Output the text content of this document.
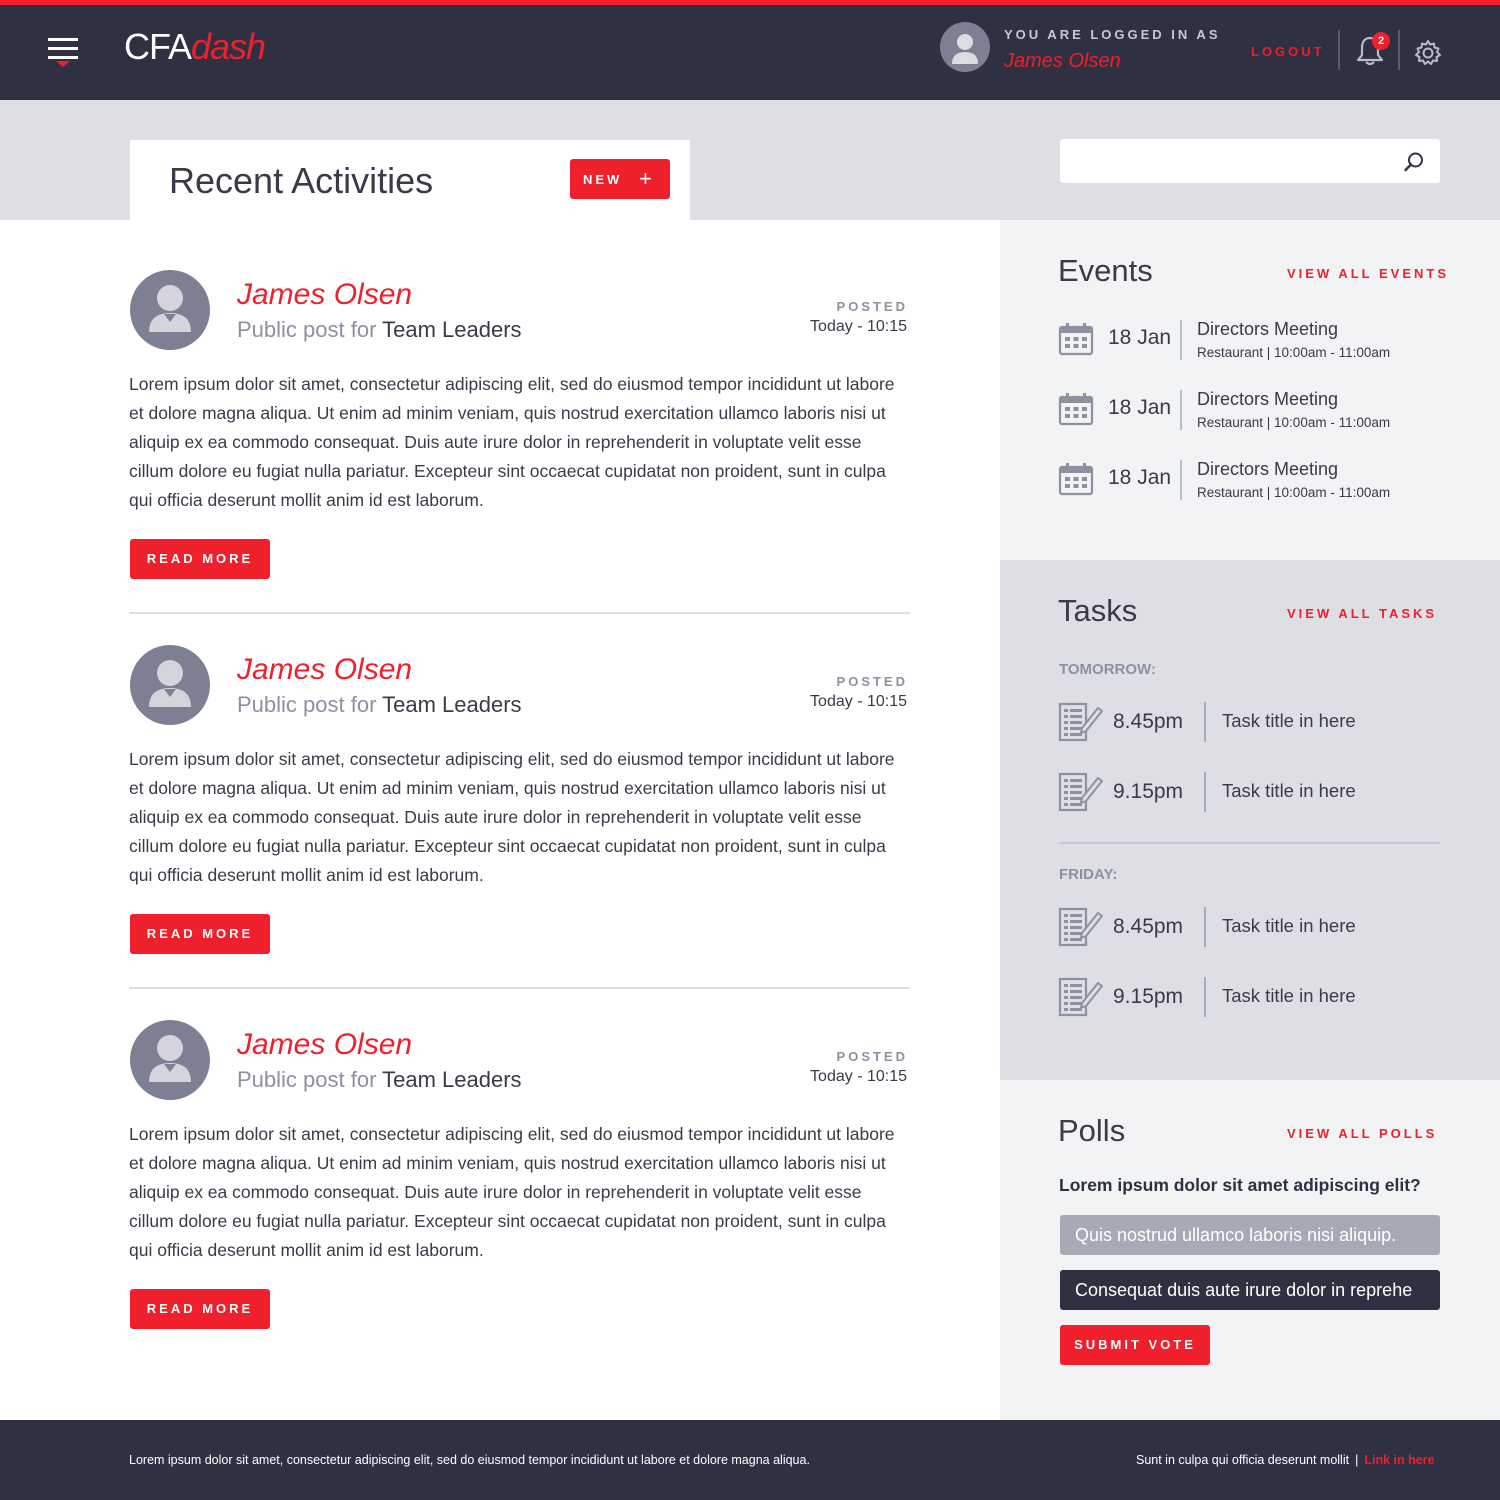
CFAdash	YOU ARE LOGGED IN AS
James Olsen	LOGOUT
2
Recent Activities	NEW +
James Olsen
Public post for Team Leaders
POSTED
Today - 10:15
Lorem ipsum dolor sit amet, consectetur adipiscing elit, sed do eiusmod tempor incididunt ut labore et dolore magna aliqua. Ut enim ad minim veniam, quis nostrud exercitation ullamco laboris nisi ut aliquip ex ea commodo consequat. Duis aute irure dolor in reprehenderit in voluptate velit esse cillum dolore eu fugiat nulla pariatur. Excepteur sint occaecat cupidatat non proident, sunt in culpa qui officia deserunt mollit anim id est laborum.
READ MORE
James Olsen
Public post for Team Leaders
POSTED
Today - 10:15
Lorem ipsum dolor sit amet, consectetur adipiscing elit, sed do eiusmod tempor incididunt ut labore et dolore magna aliqua. Ut enim ad minim veniam, quis nostrud exercitation ullamco laboris nisi ut aliquip ex ea commodo consequat. Duis aute irure dolor in reprehenderit in voluptate velit esse cillum dolore eu fugiat nulla pariatur. Excepteur sint occaecat cupidatat non proident, sunt in culpa qui officia deserunt mollit anim id est laborum.
READ MORE
James Olsen
Public post for Team Leaders
POSTED
Today - 10:15
Lorem ipsum dolor sit amet, consectetur adipiscing elit, sed do eiusmod tempor incididunt ut labore et dolore magna aliqua. Ut enim ad minim veniam, quis nostrud exercitation ullamco laboris nisi ut aliquip ex ea commodo consequat. Duis aute irure dolor in reprehenderit in voluptate velit esse cillum dolore eu fugiat nulla pariatur. Excepteur sint occaecat cupidatat non proident, sunt in culpa qui officia deserunt mollit anim id est laborum.
READ MORE
Events	VIEW ALL EVENTS
18 Jan Directors Meeting
Restaurant | 10:00am - 11:00am
18 Jan Directors Meeting
Restaurant | 10:00am - 11:00am
18 Jan Directors Meeting
Restaurant | 10:00am - 11:00am
Tasks	VIEW ALL TASKS
TOMORROW:
8.45pm Task title in here
9.15pm Task title in here
FRIDAY:
8.45pm Task title in here
9.15pm Task title in here
Polls	VIEW ALL POLLS
Lorem ipsum dolor sit amet adipiscing elit?
Quis nostrud ullamco laboris nisi aliquip.
Consequat duis aute irure dolor in reprehe
SUBMIT VOTE
Lorem ipsum dolor sit amet, consectetur adipiscing elit, sed do eiusmod tempor incididunt ut labore et dolore magna aliqua.	Sunt in culpa qui officia deserunt mollit | Link in here
